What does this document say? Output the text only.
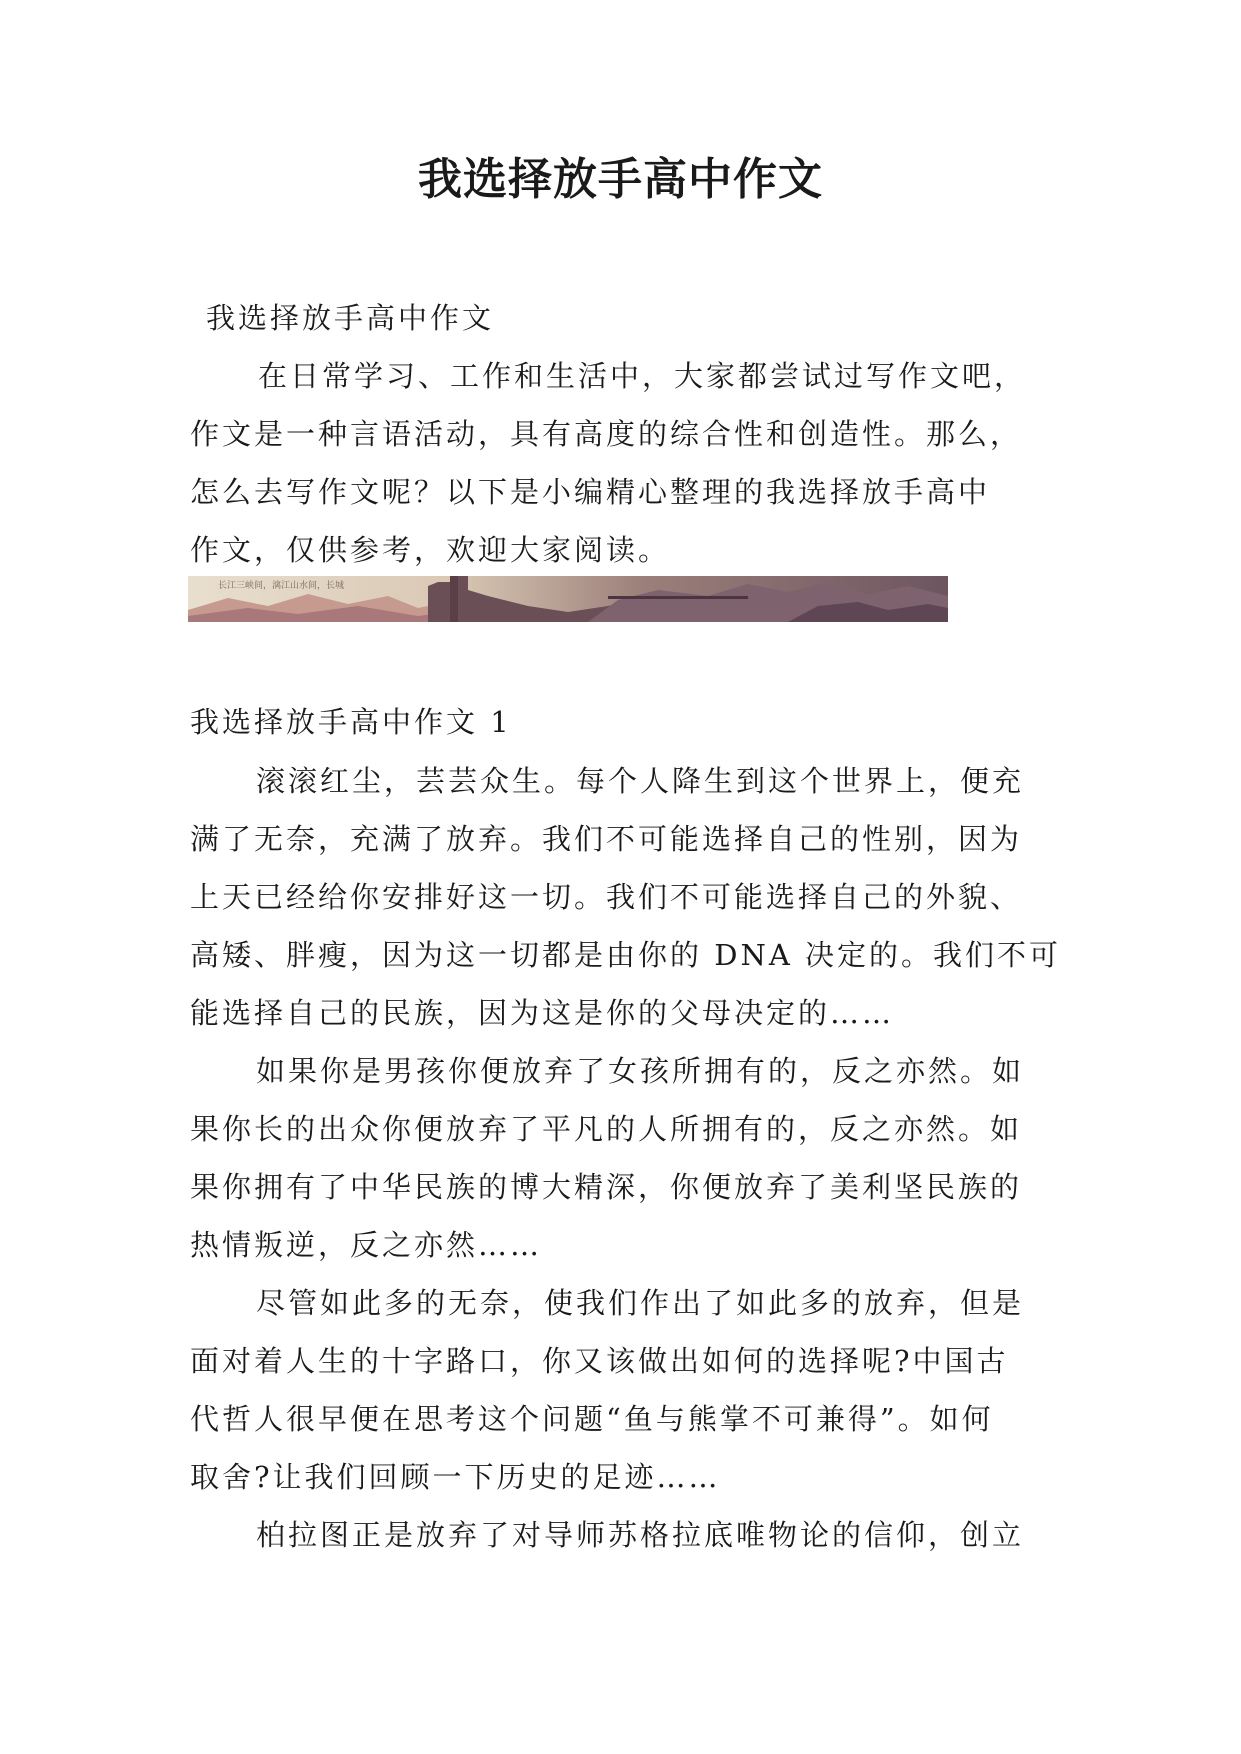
我选择放手高中作文

我选择放手高中作文

在日常学习、工作和生活中，大家都尝试过写作文吧，

作文是一种言语活动，具有高度的综合性和创造性。那么，

怎么去写作文呢？以下是小编精心整理的我选择放手高中

作文，仅供参考，欢迎大家阅读。

长江三峡间，漓江山水间，长城

我选择放手高中作文 1

滚滚红尘，芸芸众生。每个人降生到这个世界上，便充

满了无奈，充满了放弃。我们不可能选择自己的性别，因为

上天已经给你安排好这一切。我们不可能选择自己的外貌、

高矮、胖瘦，因为这一切都是由你的 DNA 决定的。我们不可

能选择自己的民族，因为这是你的父母决定的……

如果你是男孩你便放弃了女孩所拥有的，反之亦然。如

果你长的出众你便放弃了平凡的人所拥有的，反之亦然。如

果你拥有了中华民族的博大精深，你便放弃了美利坚民族的

热情叛逆，反之亦然……

尽管如此多的无奈，使我们作出了如此多的放弃，但是

面对着人生的十字路口，你又该做出如何的选择呢?中国古

代哲人很早便在思考这个问题“鱼与熊掌不可兼得”。如何

取舍?让我们回顾一下历史的足迹……

柏拉图正是放弃了对导师苏格拉底唯物论的信仰，创立
